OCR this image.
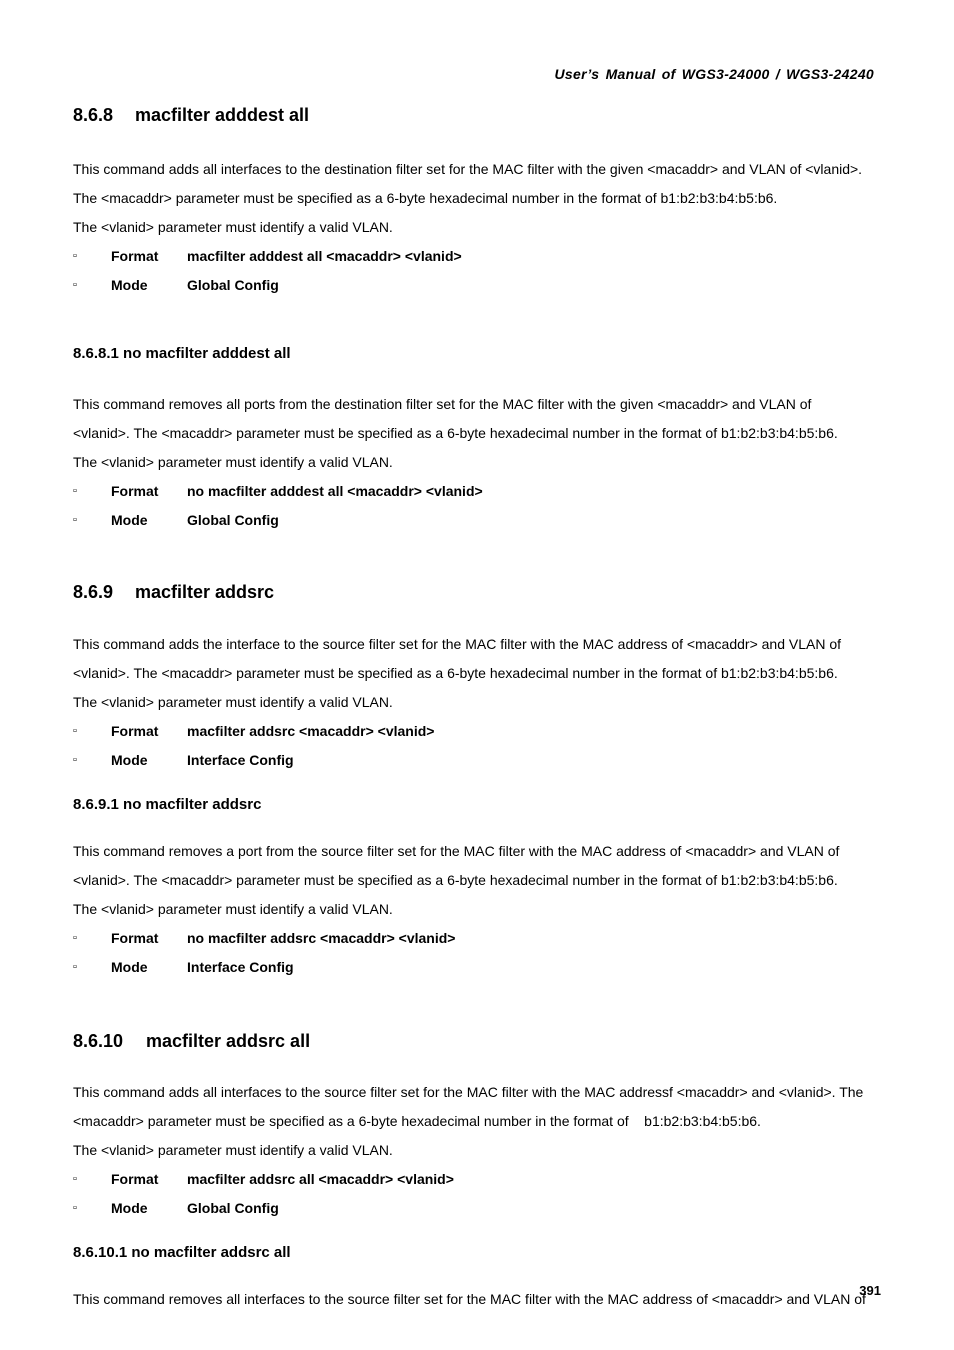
User’s Manual of WGS3-24000 / WGS3-24240
8.6.8 macfilter adddest all

This command adds all interfaces to the destination filter set for the MAC filter with the given <macaddr> and VLAN of <vlanid>.

The <macaddr> parameter must be specified as a 6-byte hexadecimal number in the format of b1:b2:b3:b4:b5:b6.

The <vlanid> parameter must identify a valid VLAN.

▫ Format macfilter adddest all <macaddr> <vlanid>
▫ Mode	Global Config
8.6.8.1 no macfilter adddest all

This command removes all ports from the destination filter set for the MAC filter with the given <macaddr> and VLAN of

<vlanid>. The <macaddr> parameter must be specified as a 6-byte hexadecimal number in the format of b1:b2:b3:b4:b5:b6.

The <vlanid> parameter must identify a valid VLAN.

▫ Format no macfilter adddest all <macaddr> <vlanid>
▫ Mode	Global Config
8.6.9 macfilter addsrc

This command adds the interface to the source filter set for the MAC filter with the MAC address of <macaddr> and VLAN of

<vlanid>. The <macaddr> parameter must be specified as a 6-byte hexadecimal number in the format of b1:b2:b3:b4:b5:b6.

The <vlanid> parameter must identify a valid VLAN.

▫ Format macfilter addsrc <macaddr> <vlanid>
▫ Mode	Interface Config
8.6.9.1 no macfilter addsrc

This command removes a port from the source filter set for the MAC filter with the MAC address of <macaddr> and VLAN of

<vlanid>. The <macaddr> parameter must be specified as a 6-byte hexadecimal number in the format of b1:b2:b3:b4:b5:b6.

The <vlanid> parameter must identify a valid VLAN.

▫ Format no macfilter addsrc <macaddr> <vlanid>
▫ Mode	Interface Config
8.6.10 macfilter addsrc all

This command adds all interfaces to the source filter set for the MAC filter with the MAC addressf <macaddr> and <vlanid>. The

<macaddr> parameter must be specified as a 6-byte hexadecimal number in the format of    b1:b2:b3:b4:b5:b6.

The <vlanid> parameter must identify a valid VLAN.

▫ Format macfilter addsrc all <macaddr> <vlanid>
▫ Mode	Global Config
8.6.10.1 no macfilter addsrc all

This command removes all interfaces to the source filter set for the MAC filter with the MAC address of <macaddr> and VLAN of

391
